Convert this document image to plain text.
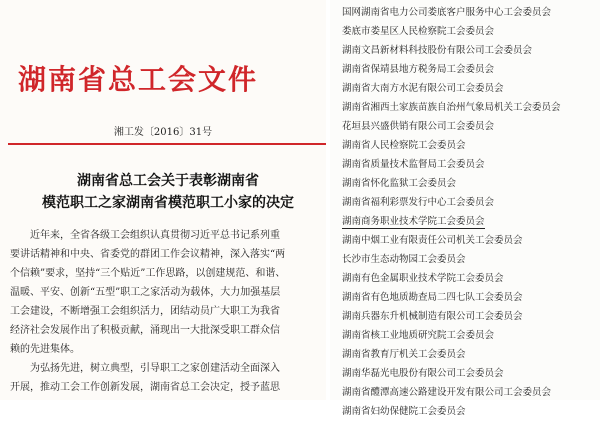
湖南省总工会文件
湘工发〔2016〕31号
湖南省总工会关于表彰湖南省
模范职工之家湖南省模范职工小家的决定

近年来，全省各级工会组织认真贯彻习近平总书记系列重

要讲话精神和中央、省委党的群团工作会议精神，深入落实“两

个信赖”要求，坚持“三个贴近”工作思路，以创建规范、和谐、

温暖、平安、创新“五型”职工之家活动为载体，大力加强基层

工会建设，不断增强工会组织活力，团结动员广大职工为我省

经济社会发展作出了积极贡献，涌现出一大批深受职工群众信

赖的先进集体。

为弘扬先进，树立典型，引导职工之家创建活动全面深入

开展，推动工会工作创新发展，湖南省总工会决定，授予蓝思

国网湖南省电力公司娄底客户服务中心工会委员会
娄底市娄星区人民检察院工会委员会
湖南文昌新材料科技股份有限公司工会委员会
湖南省保靖县地方税务局工会委员会
湖南省大南方水泥有限公司工会委员会
湖南省湘西土家族苗族自治州气象局机关工会委员会
花垣县兴盛供销有限公司工会委员会
湖南省人民检察院工会委员会
湖南省质量技术监督局工会委员会
湖南省怀化监狱工会委员会
湖南省福利彩票发行中心工会委员会
湖南商务职业技术学院工会委员会
湖南中烟工业有限责任公司机关工会委员会
长沙市生态动物园工会委员会
湖南有色金属职业技术学院工会委员会
湖南省有色地质勘查局二四七队工会委员会
湖南兵器东升机械制造有限公司工会委员会
湖南省核工业地质研究院工会委员会
湖南省教育厅机关工会委员会
湖南华磊光电股份有限公司工会委员会
湖南省醴潭高速公路建设开发有限公司工会委员会
湖南省妇幼保健院工会委员会
